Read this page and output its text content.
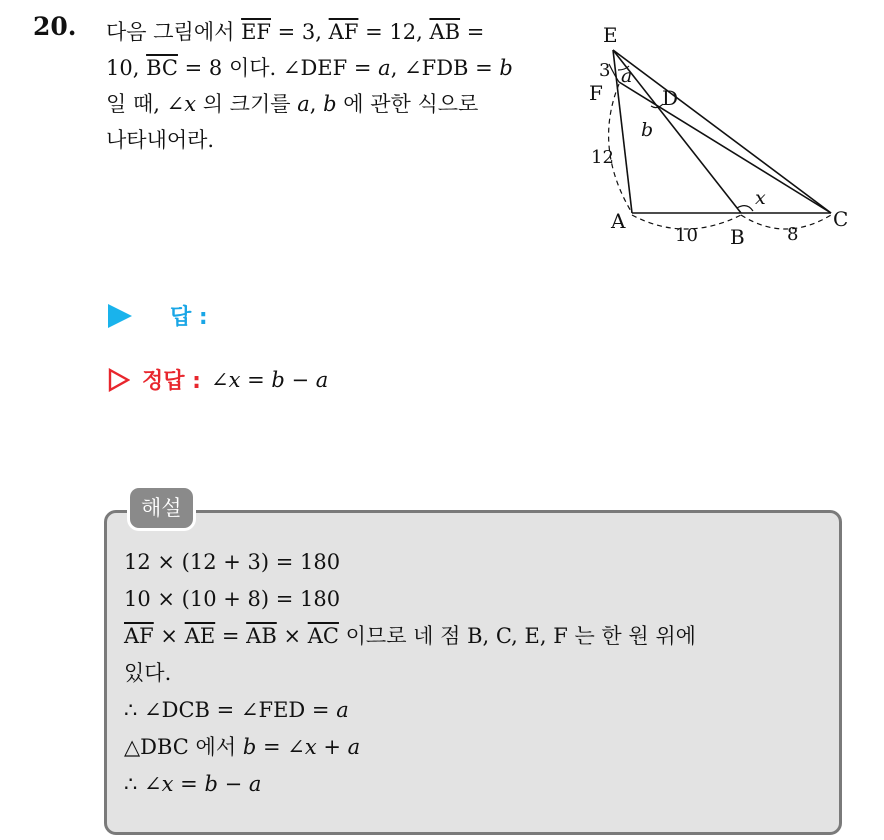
20. 다음 그림에서 $\overline{EF} = 3$, $\overline{AF} = 12$, $\overline{AB}$ =
10, $\overline{BC} = 8$ 이다. ∠DEF = a, ∠FDB = b
일 때, ∠x 의 크기를 a, b 에 관한 식으로
나타내어라.
E
F	D
A
B
C
3
12
10	8
a
b
x
답 :
정답 : ∠x = b − a
해설
12 × (12 + 3) = 180
10 × (10 + 8) = 180
$\overline{AF} \times \overline{AE} = \overline{AB} \times \overline{AC}$ 이므로 네 점 B, C, E, F 는 한 원 위에
있다.
∴ ∠DCB = ∠FED = a
△DBC 에서 b = ∠x + a
∴ ∠x = b − a
